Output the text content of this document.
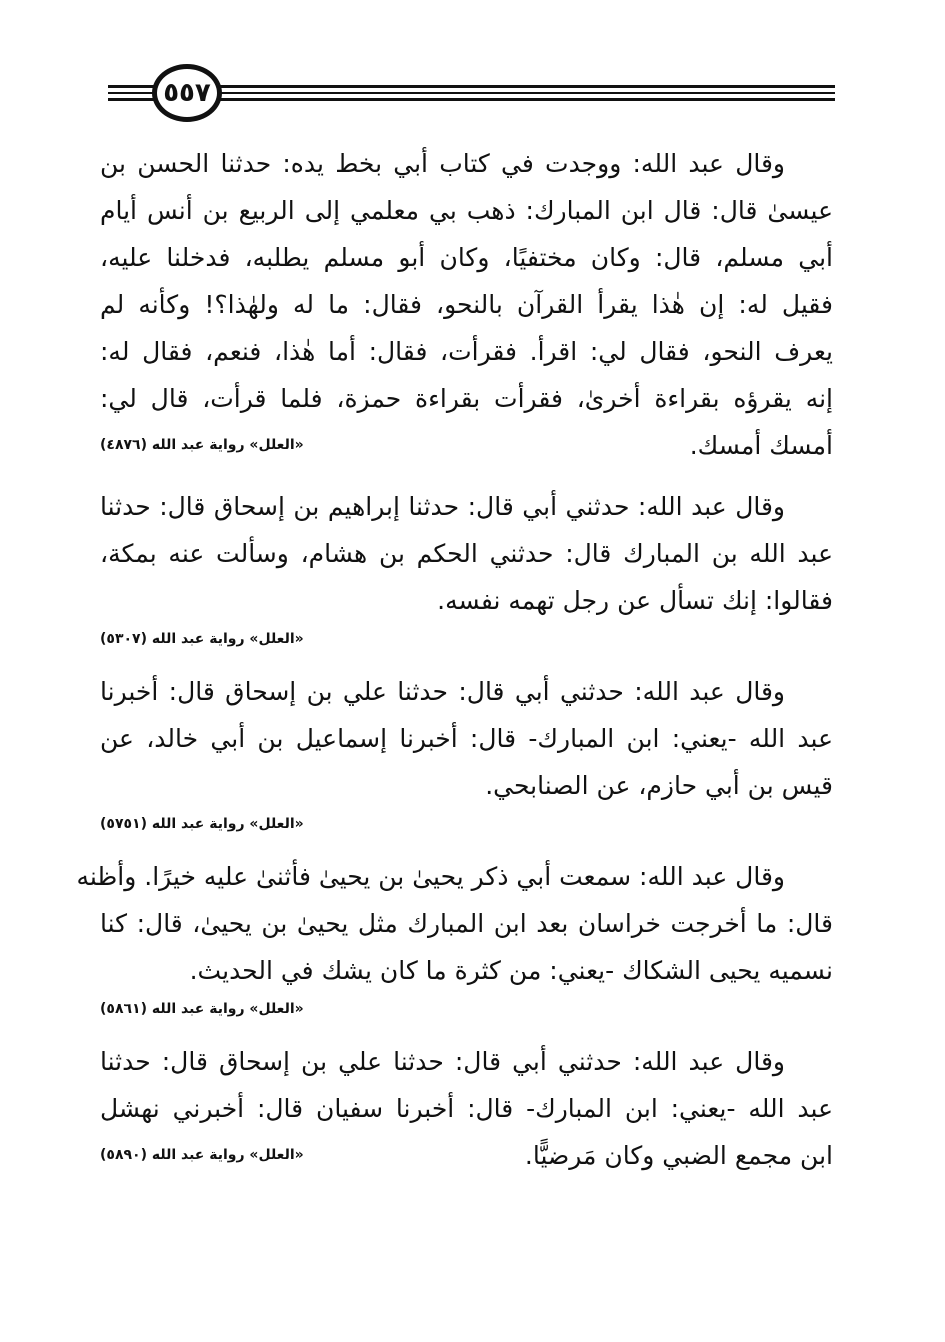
٥٥٧
وقال عبد الله: ووجدت في كتاب أبي بخط يده: حدثنا الحسن بن
عيسىٰ قال: قال ابن المبارك: ذهب بي معلمي إلى الربيع بن أنس أيام
أبي مسلم، قال: وكان مختفيًا، وكان أبو مسلم يطلبه، فدخلنا عليه،
فقيل له: إن هٰذا يقرأ القرآن بالنحو، فقال: ما له ولهٰذا؟! وكأنه لم
يعرف النحو، فقال لي: اقرأ. فقرأت، فقال: أما هٰذا، فنعم، فقال له:
إنه يقرؤه بقراءة أخرىٰ، فقرأت بقراءة حمزة، فلما قرأت، قال لي:
أمسك أمسك.
«العلل» رواية عبد الله (٤٨٧٦)
وقال عبد الله: حدثني أبي قال: حدثنا إبراهيم بن إسحاق قال: حدثنا
عبد الله بن المبارك قال: حدثني الحكم بن هشام، وسألت عنه بمكة،
فقالوا: إنك تسأل عن رجل تهمه نفسه.
«العلل» رواية عبد الله (٥٣٠٧)
وقال عبد الله: حدثني أبي قال: حدثنا علي بن إسحاق قال: أخبرنا
عبد الله -يعني: ابن المبارك- قال: أخبرنا إسماعيل بن أبي خالد، عن
قيس بن أبي حازم، عن الصنابحي.
«العلل» رواية عبد الله (٥٧٥١)
وقال عبد الله: سمعت أبي ذكر يحيىٰ بن يحيىٰ فأثنىٰ عليه خيرًا. وأظنه
قال: ما أخرجت خراسان بعد ابن المبارك مثل يحيىٰ بن يحيىٰ، قال: كنا
نسميه يحيى الشكاك -يعني: من كثرة ما كان يشك في الحديث.
«العلل» رواية عبد الله (٥٨٦١)
وقال عبد الله: حدثني أبي قال: حدثنا علي بن إسحاق قال: حدثنا
عبد الله -يعني: ابن المبارك- قال: أخبرنا سفيان قال: أخبرني نهشل
ابن مجمع الضبي وكان مَرضيًّا.
«العلل» رواية عبد الله (٥٨٩٠)
